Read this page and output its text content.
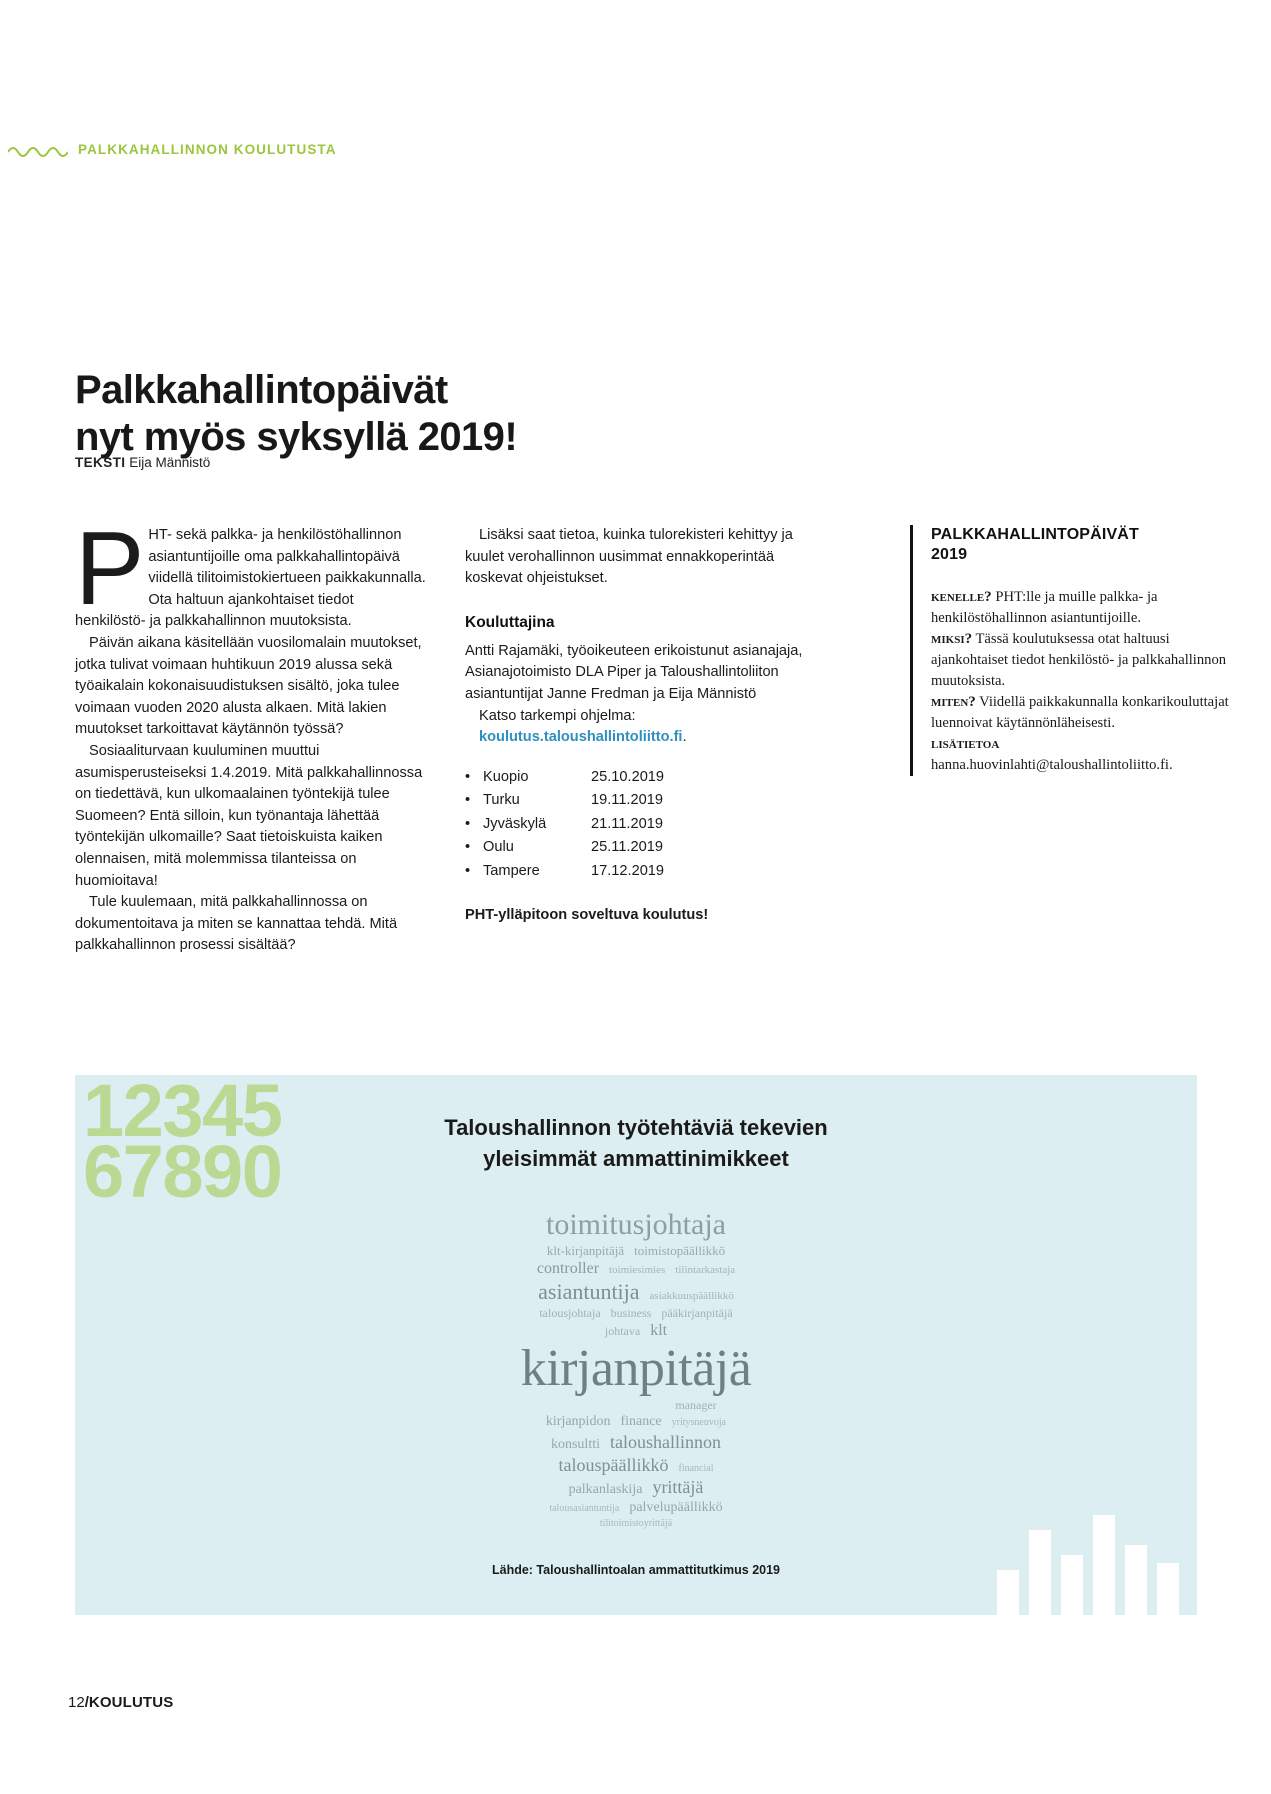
PALKKAHALLINNON KOULUTUSTA
Palkkahallintopäivät
nyt myös syksyllä 2019!
TEKSTI Eija Männistö

PHT- sekä palkka- ja henkilöstöhallinnon asiantuntijoille oma palkkahallintopäivä viidellä tilitoimistokiertueen paikkakunnalla. Ota haltuun ajankohtaiset tiedot henkilöstö- ja palkkahallinnon muutoksista.

Päivän aikana käsitellään vuosilomalain muutokset, jotka tulivat voimaan huhtikuun 2019 alussa sekä työaikalain kokonaisuudistuksen sisältö, joka tulee voimaan vuoden 2020 alusta alkaen. Mitä lakien muutokset tarkoittavat käytännön työssä?

Sosiaaliturvaan kuuluminen muuttui asumisperusteiseksi 1.4.2019. Mitä palkkahallinnossa on tiedettävä, kun ulkomaalainen työntekijä tulee Suomeen? Entä silloin, kun työnantaja lähettää työntekijän ulkomaille? Saat tietoiskuista kaiken olennaisen, mitä molemmissa tilanteissa on huomioitava!

Tule kuulemaan, mitä palkkahallinnossa on dokumentoitava ja miten se kannattaa tehdä. Mitä palkkahallinnon prosessi sisältää?

Lisäksi saat tietoa, kuinka tulorekisteri kehittyy ja kuulet verohallinnon uusimmat ennakkoperintää koskevat ohjeistukset.

Kouluttajina

Antti Rajamäki, työoikeuteen erikoistunut asianajaja, Asianajotoimisto DLA Piper ja Taloushallintoliiton asiantuntijat Janne Fredman ja Eija Männistö

Katso tarkempi ohjelma:

koulutus.taloushallintoliitto.fi.

• Kuopio	25.10.2019
• Turku	19.11.2019
• Jyväskylä	21.11.2019
• Oulu	25.11.2019
• Tampere	17.12.2019
PHT-ylläpitoon soveltuva koulutus!
PALKKAHALLINTOPÄIVÄT
2019

kenelle? PHT:lle ja muille palkka- ja henkilöstöhallinnon asiantuntijoille.

miksi? Tässä koulutuksessa otat haltuusi ajankohtaiset tiedot henkilöstö- ja palkkahallinnon muutoksista.

miten? Viidellä paikkakunnalla konkarikouluttajat luennoivat käytännönläheisesti.

lisätietoa hanna.huovinlahti@taloushallintoliitto.fi.

12345
67890
Taloushallinnon työtehtäviä tekevien
yleisimmät ammattinimikkeet
toimitusjohtaja
klt-kirjanpitäjä toimistopäällikkö
controller toimiesimies tilintarkastaja
asiantuntija asiakkuuspäällikkö
talousjohtaja business pääkirjanpitäjä
johtava klt
kirjanpitäjä
manager
kirjanpidon finance yritysneuvoja
konsultti taloushallinnon
talouspäällikkö financial
palkanlaskija yrittäjä
talousasiantuntija palvelupäällikkö
tilitoimistoyrittäjä
Lähde: Taloushallintoalan ammattitutkimus 2019
12/KOULUTUS
